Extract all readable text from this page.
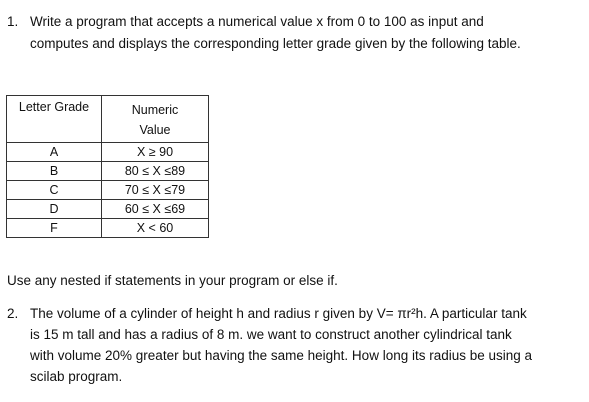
1. Write a program that accepts a numerical value x from 0 to 100 as input and
computes and displays the corresponding letter grade given by the following table.
Letter Grade	Numeric
Value
A	X ≥ 90
B	80 ≤ X ≤89
C	70 ≤ X ≤79
D	60 ≤ X ≤69
F	X < 60
Use any nested if statements in your program or else if.
2. The volume of a cylinder of height h and radius r given by V= πr²h. A particular tank
is 15 m tall and has a radius of 8 m. we want to construct another cylindrical tank
with volume 20% greater but having the same height. How long its radius be using a
scilab program.
